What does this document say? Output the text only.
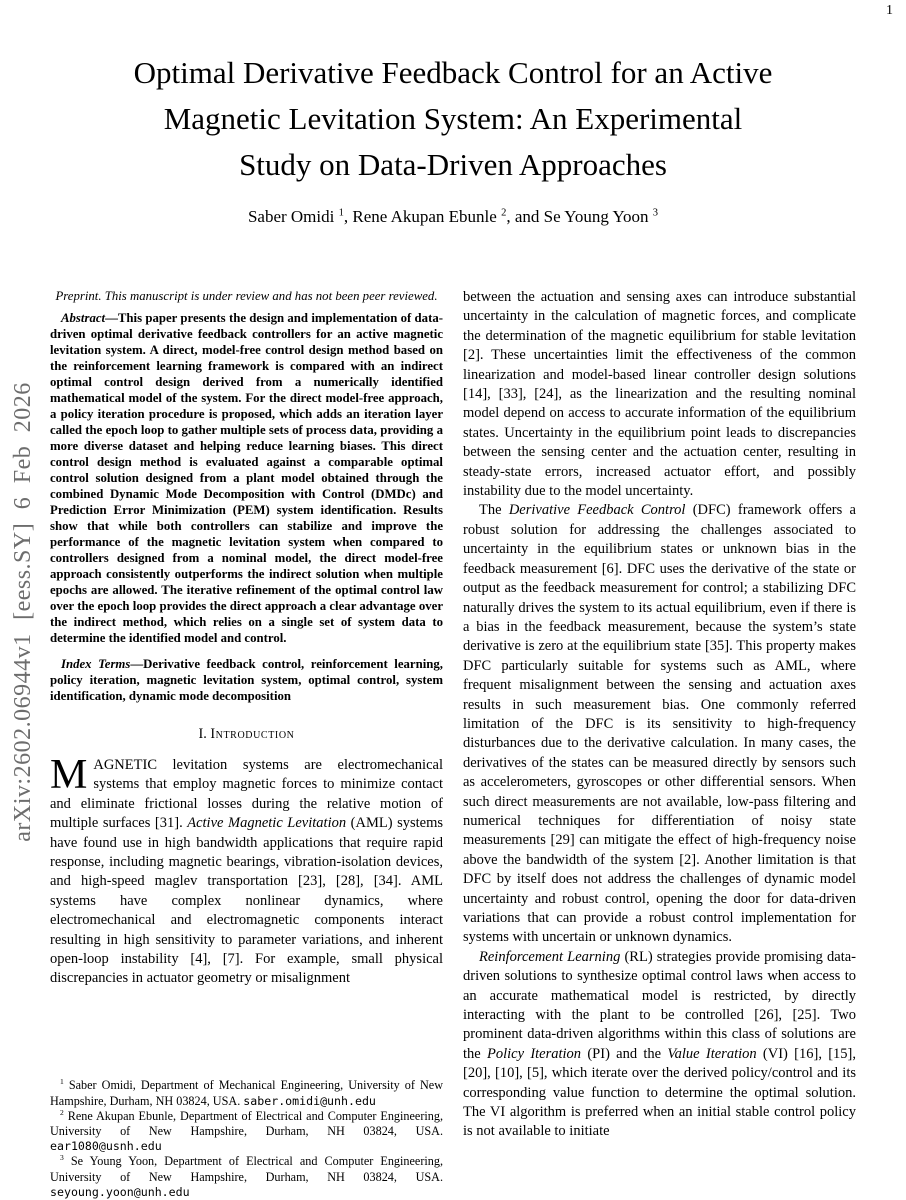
1
arXiv:2602.06944v1 [eess.SY] 6 Feb 2026
Optimal Derivative Feedback Control for an Active
Magnetic Levitation System: An Experimental
Study on Data-Driven Approaches
Saber Omidi $^1$, Rene Akupan Ebunle $^2$, and Se Young Yoon $^3$

Preprint. This manuscript is under review and has not been peer reviewed.

Abstract—This paper presents the design and implementation of data-driven optimal derivative feedback controllers for an active magnetic levitation system. A direct, model-free control design method based on the reinforcement learning framework is compared with an indirect optimal control design derived from a numerically identified mathematical model of the system. For the direct model-free approach, a policy iteration procedure is proposed, which adds an iteration layer called the epoch loop to gather multiple sets of process data, providing a more diverse dataset and helping reduce learning biases. This direct control design method is evaluated against a comparable optimal control solution designed from a plant model obtained through the combined Dynamic Mode Decomposition with Control (DMDc) and Prediction Error Minimization (PEM) system identification. Results show that while both controllers can stabilize and improve the performance of the magnetic levitation system when compared to controllers designed from a nominal model, the direct model-free approach consistently outperforms the indirect solution when multiple epochs are allowed. The iterative refinement of the optimal control law over the epoch loop provides the direct approach a clear advantage over the indirect method, which relies on a single set of system data to determine the identified model and control.

Index Terms—Derivative feedback control, reinforcement learning, policy iteration, magnetic levitation system, optimal control, system identification, dynamic mode decomposition

I. Introduction

MAGNETIC levitation systems are electromechanical systems that employ magnetic forces to minimize contact and eliminate frictional losses during the relative motion of multiple surfaces [31]. Active Magnetic Levitation (AML) systems have found use in high bandwidth applications that require rapid response, including magnetic bearings, vibration-isolation devices, and high-speed maglev transportation [23], [28], [34]. AML systems have complex nonlinear dynamics, where electromechanical and electromagnetic components interact resulting in high sensitivity to parameter variations, and inherent open-loop instability [4], [7]. For example, small physical discrepancies in actuator geometry or misalignment

$^1$ Saber Omidi, Department of Mechanical Engineering, University of New Hampshire, Durham, NH 03824, USA. saber.omidi@unh.edu

$^2$ Rene Akupan Ebunle, Department of Electrical and Computer Engineering, University of New Hampshire, Durham, NH 03824, USA. ear1080@usnh.edu

$^3$ Se Young Yoon, Department of Electrical and Computer Engineering, University of New Hampshire, Durham, NH 03824, USA. seyoung.yoon@unh.edu

between the actuation and sensing axes can introduce substantial uncertainty in the calculation of magnetic forces, and complicate the determination of the magnetic equilibrium for stable levitation [2]. These uncertainties limit the effectiveness of the common linearization and model-based linear controller design solutions [14], [33], [24], as the linearization and the resulting nominal model depend on access to accurate information of the equilibrium states. Uncertainty in the equilibrium point leads to discrepancies between the sensing center and the actuation center, resulting in steady-state errors, increased actuator effort, and possibly instability due to the model uncertainty.

The Derivative Feedback Control (DFC) framework offers a robust solution for addressing the challenges associated to uncertainty in the equilibrium states or unknown bias in the feedback measurement [6]. DFC uses the derivative of the state or output as the feedback measurement for control; a stabilizing DFC naturally drives the system to its actual equilibrium, even if there is a bias in the feedback measurement, because the system’s state derivative is zero at the equilibrium state [35]. This property makes DFC particularly suitable for systems such as AML, where frequent misalignment between the sensing and actuation axes results in such measurement bias. One commonly referred limitation of the DFC is its sensitivity to high-frequency disturbances due to the derivative calculation. In many cases, the derivatives of the states can be measured directly by sensors such as accelerometers, gyroscopes or other differential sensors. When such direct measurements are not available, low-pass filtering and numerical techniques for differentiation of noisy state measurements [29] can mitigate the effect of high-frequency noise above the bandwidth of the system [2]. Another limitation is that DFC by itself does not address the challenges of dynamic model uncertainty and robust control, opening the door for data-driven variations that can provide a robust control implementation for systems with uncertain or unknown dynamics.

Reinforcement Learning (RL) strategies provide promising data-driven solutions to synthesize optimal control laws when access to an accurate mathematical model is restricted, by directly interacting with the plant to be controlled [26], [25]. Two prominent data-driven algorithms within this class of solutions are the Policy Iteration (PI) and the Value Iteration (VI) [16], [15], [20], [10], [5], which iterate over the derived policy/control and its corresponding value function to determine the optimal solution. The VI algorithm is preferred when an initial stable control policy is not available to initiate
